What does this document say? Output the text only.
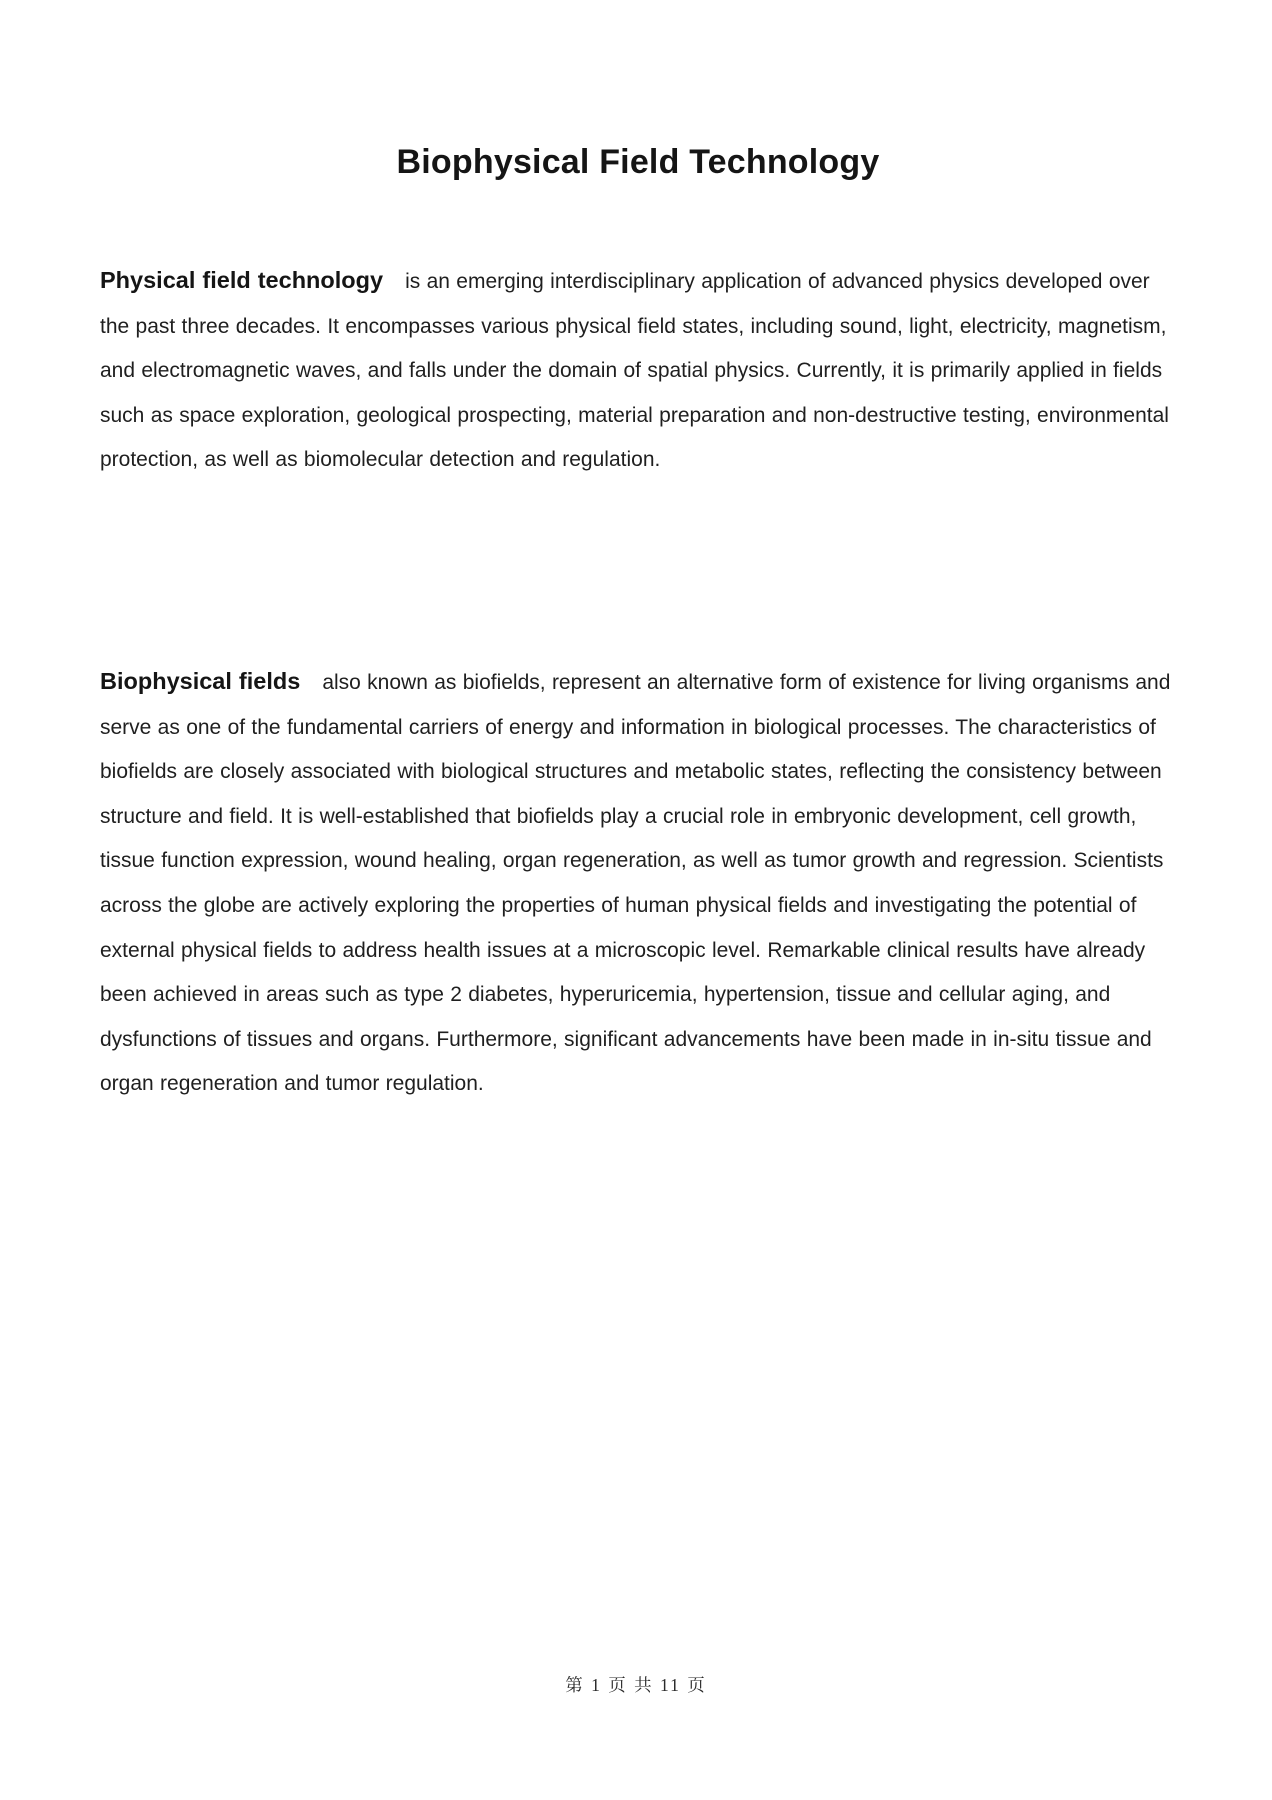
Biophysical Field Technology

Physical field technology is an emerging interdisciplinary application of advanced physics developed over the past three decades. It encompasses various physical field states, including sound, light, electricity, magnetism, and electromagnetic waves, and falls under the domain of spatial physics. Currently, it is primarily applied in fields such as space exploration, geological prospecting, material preparation and non-destructive testing, environmental protection, as well as biomolecular detection and regulation.

Biophysical fields also known as biofields, represent an alternative form of existence for living organisms and serve as one of the fundamental carriers of energy and information in biological processes. The characteristics of biofields are closely associated with biological structures and metabolic states, reflecting the consistency between structure and field. It is well-established that biofields play a crucial role in embryonic development, cell growth, tissue function expression, wound healing, organ regeneration, as well as tumor growth and regression. Scientists across the globe are actively exploring the properties of human physical fields and investigating the potential of external physical fields to address health issues at a microscopic level. Remarkable clinical results have already been achieved in areas such as type 2 diabetes, hyperuricemia, hypertension, tissue and cellular aging, and dysfunctions of tissues and organs. Furthermore, significant advancements have been made in in-situ tissue and organ regeneration and tumor regulation.

第 1 页 共 11 页
